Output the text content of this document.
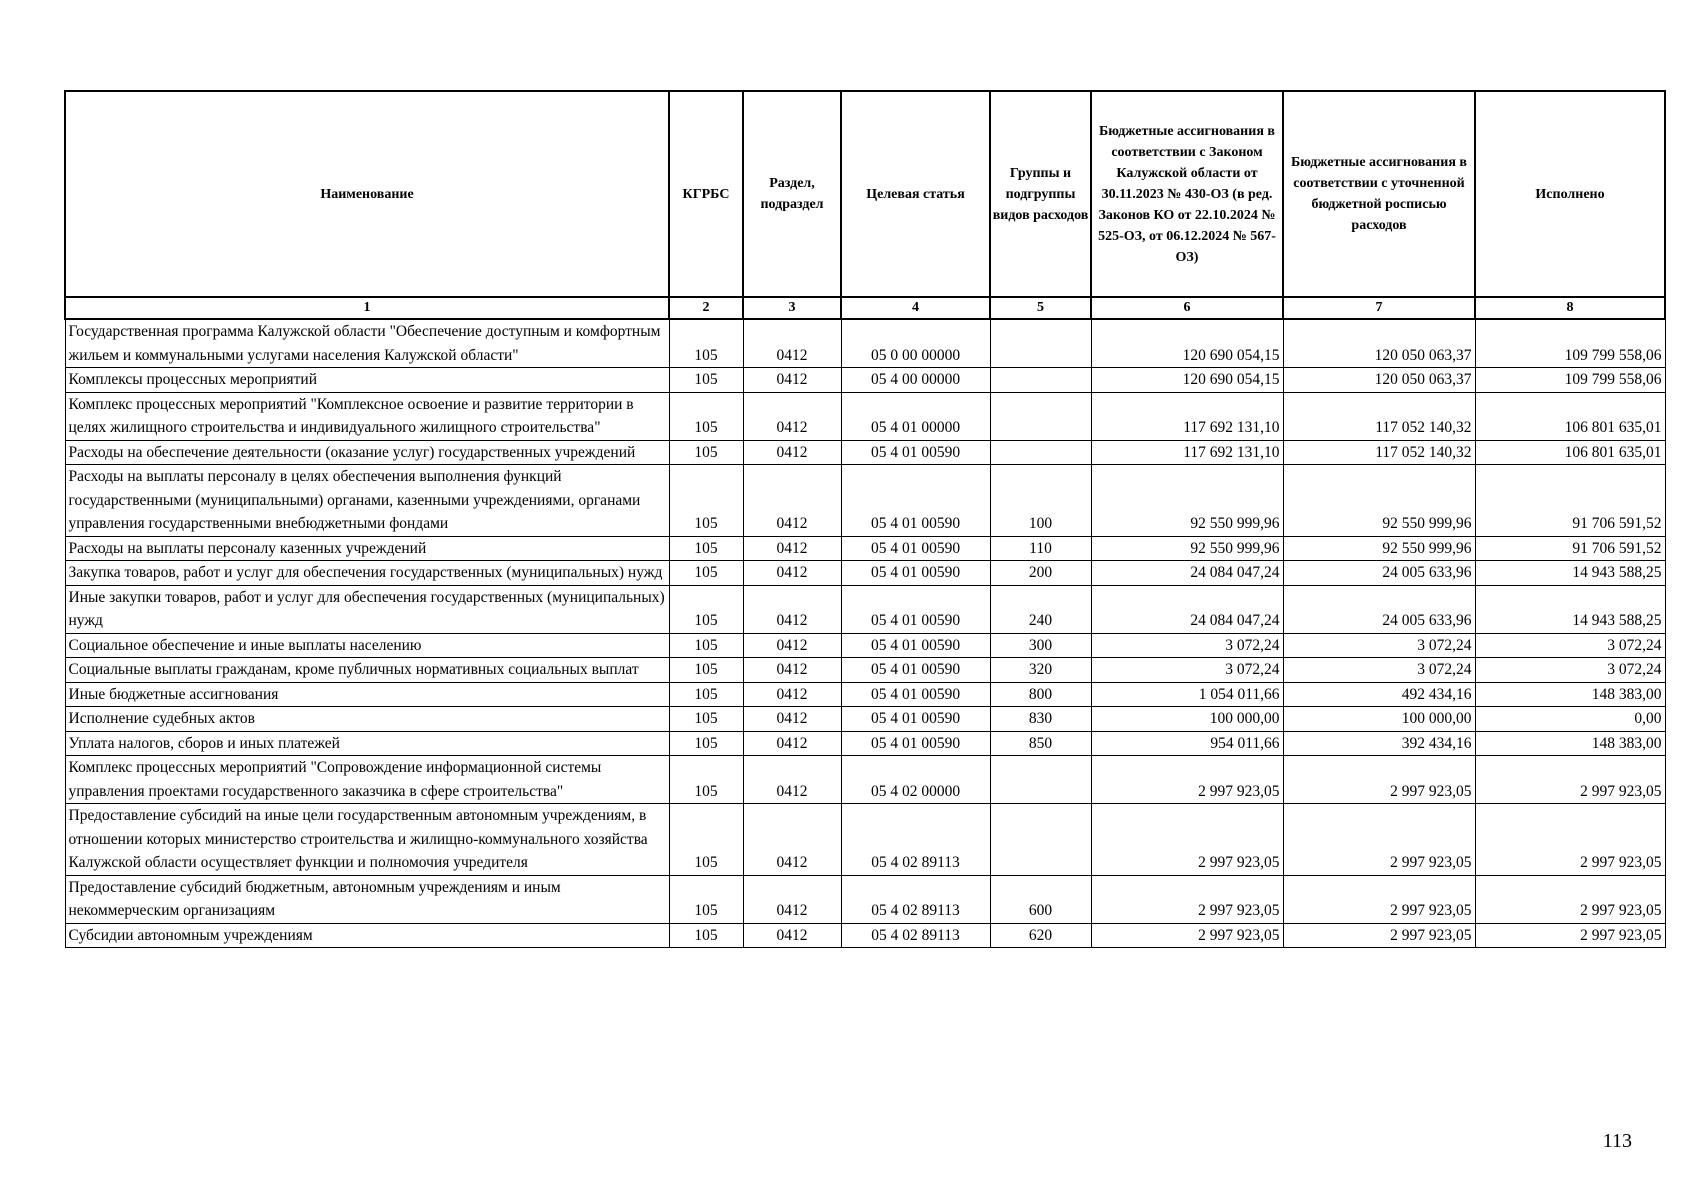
Наименование	КГРБС	Раздел, подраздел	Целевая статья	Группы и подгруппы видов расходов	Бюджетные ассигнования в соответствии с Законом Калужской области от 30.11.2023 № 430-ОЗ (в ред. Законов КО от 22.10.2024 № 525-ОЗ, от 06.12.2024 № 567-ОЗ)	Бюджетные ассигнования в соответствии с уточненной бюджетной росписью расходов	Исполнено
1	2	3	4	5	6	7	8
Государственная программа Калужской области "Обеспечение доступным и комфортным жильем и коммунальными услугами населения Калужской области"	105	0412	05 0 00 00000		120 690 054,15	120 050 063,37	109 799 558,06
Комплексы процессных мероприятий	105	0412	05 4 00 00000		120 690 054,15	120 050 063,37	109 799 558,06
Комплекс процессных мероприятий "Комплексное освоение и развитие территории в целях жилищного строительства и индивидуального жилищного строительства"	105	0412	05 4 01 00000		117 692 131,10	117 052 140,32	106 801 635,01
Расходы на обеспечение деятельности (оказание услуг) государственных учреждений	105	0412	05 4 01 00590		117 692 131,10	117 052 140,32	106 801 635,01
Расходы на выплаты персоналу в целях обеспечения выполнения функций государственными (муниципальными) органами, казенными учреждениями, органами управления государственными внебюджетными фондами	105	0412	05 4 01 00590	100	92 550 999,96	92 550 999,96	91 706 591,52
Расходы на выплаты персоналу казенных учреждений	105	0412	05 4 01 00590	110	92 550 999,96	92 550 999,96	91 706 591,52
Закупка товаров, работ и услуг для обеспечения государственных (муниципальных) нужд	105	0412	05 4 01 00590	200	24 084 047,24	24 005 633,96	14 943 588,25
Иные закупки товаров, работ и услуг для обеспечения государственных (муниципальных) нужд	105	0412	05 4 01 00590	240	24 084 047,24	24 005 633,96	14 943 588,25
Социальное обеспечение и иные выплаты населению	105	0412	05 4 01 00590	300	3 072,24	3 072,24	3 072,24
Социальные выплаты гражданам, кроме публичных нормативных социальных выплат	105	0412	05 4 01 00590	320	3 072,24	3 072,24	3 072,24
Иные бюджетные ассигнования	105	0412	05 4 01 00590	800	1 054 011,66	492 434,16	148 383,00
Исполнение судебных актов	105	0412	05 4 01 00590	830	100 000,00	100 000,00	0,00
Уплата налогов, сборов и иных платежей	105	0412	05 4 01 00590	850	954 011,66	392 434,16	148 383,00
Комплекс процессных мероприятий "Сопровождение информационной системы управления проектами государственного заказчика в сфере строительства"	105	0412	05 4 02 00000		2 997 923,05	2 997 923,05	2 997 923,05
Предоставление субсидий на иные цели государственным автономным учреждениям, в отношении которых министерство строительства и жилищно-коммунального хозяйства Калужской области осуществляет функции и полномочия учредителя	105	0412	05 4 02 89113		2 997 923,05	2 997 923,05	2 997 923,05
Предоставление субсидий бюджетным, автономным учреждениям и иным некоммерческим организациям	105	0412	05 4 02 89113	600	2 997 923,05	2 997 923,05	2 997 923,05
Субсидии автономным учреждениям	105	0412	05 4 02 89113	620	2 997 923,05	2 997 923,05	2 997 923,05
113
